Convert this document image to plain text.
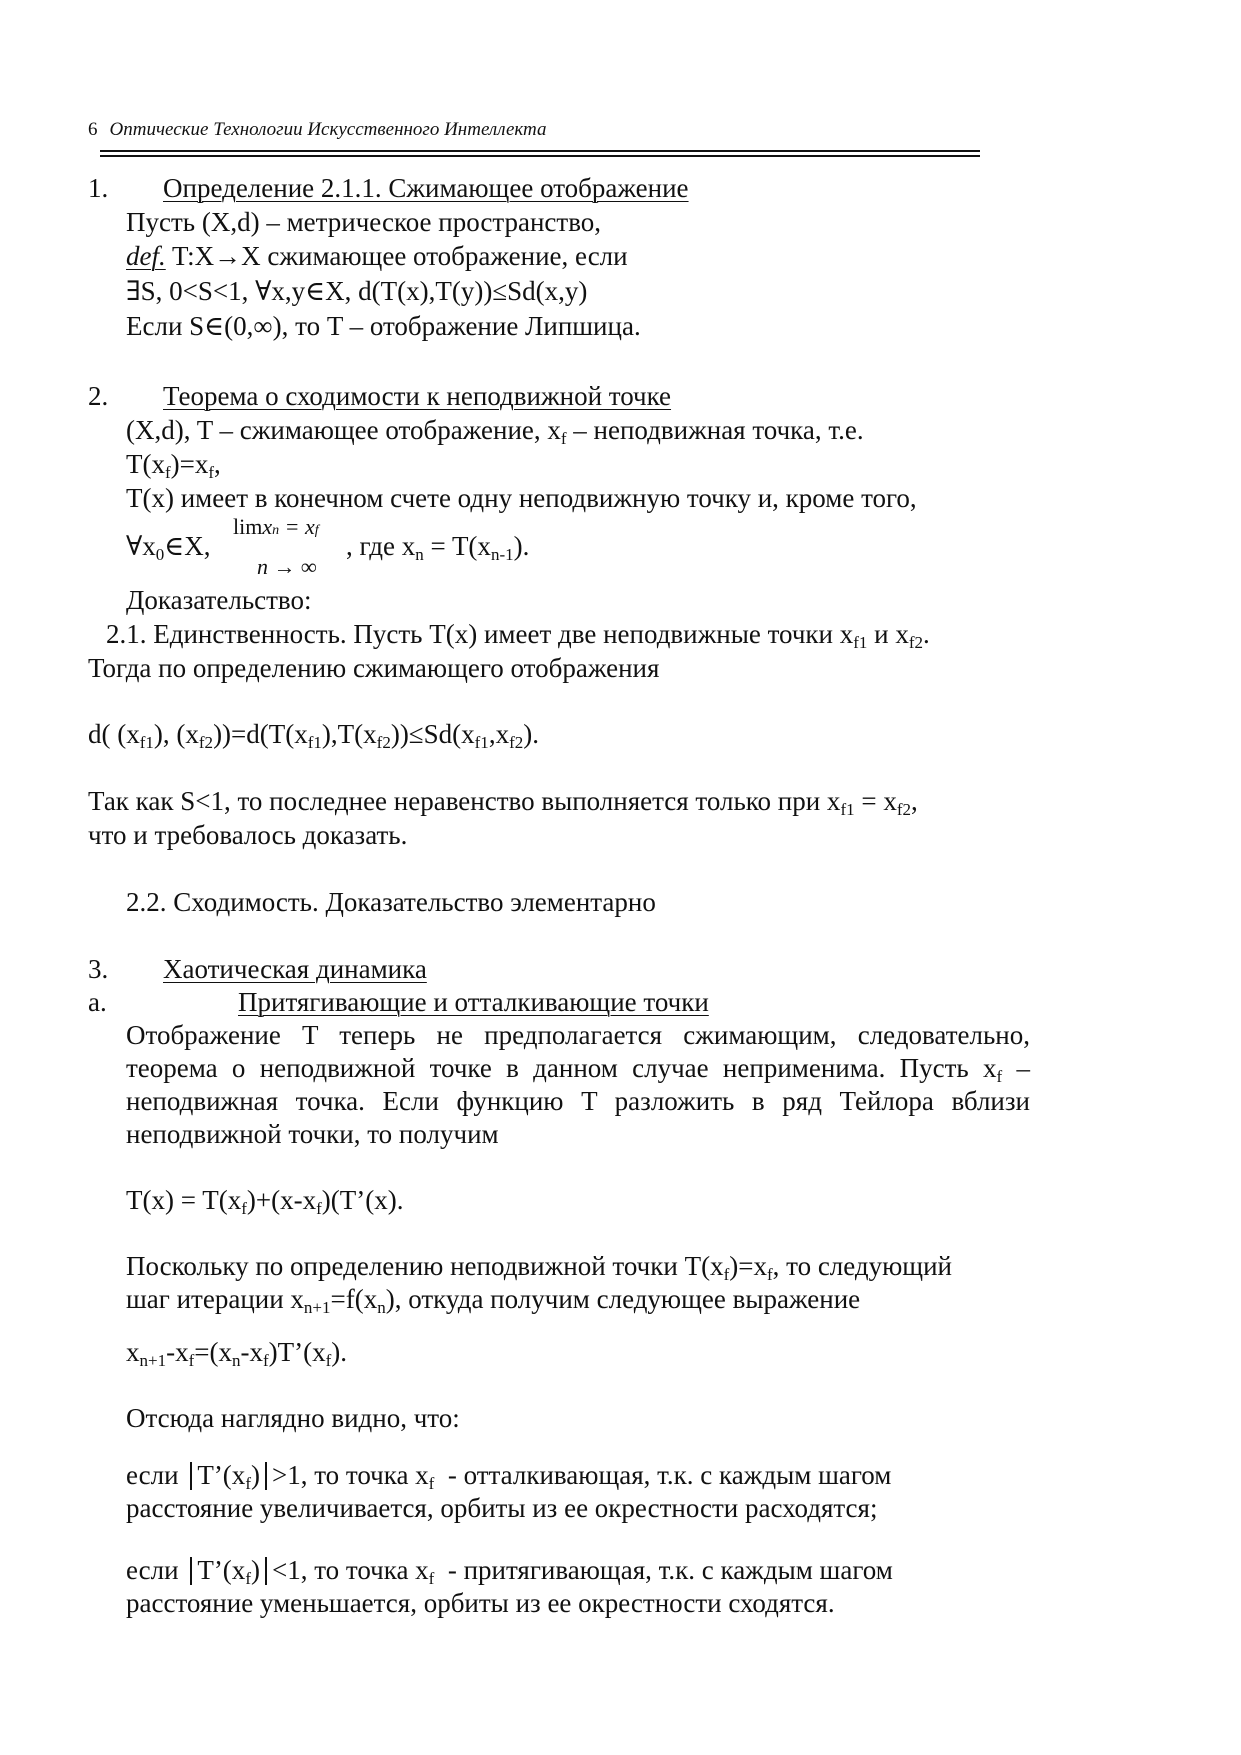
6 Оптические Технологии Искусственного Интеллекта
1. Определение 2.1.1. Сжимающее отображение
Пусть (X,d) – метрическое пространство,
def. T:X→X сжимающее отображение, если
∃S, 0<S<1, ∀x,y∈X, d(T(x),T(y))≤Sd(x,y)
Если S∈(0,∞), то T – отображение Липшица.
2. Теорема о сходимости к неподвижной точке
(X,d), T – сжимающее отображение, $x_f$ – неподвижная точка, т.е.
$T(x_f)=x_f$,
T(x) имеет в конечном счете одну неподвижную точку и, кроме того,
$\forall x_0\in X$,
limxn = xf
n → ∞
, где $x_n = T(x_{n-1})$.
Доказательство:
2.1. Единственность. Пусть T(x) имеет две неподвижные точки $x_{f1}$ и $x_{f2}$.
Тогда по определению сжимающего отображения
d( $(x_{f1})$, $(x_{f2}))=d(T(x_{f1}),T(x_{f2}))\le Sd(x_{f1},x_{f2})$.
Так как S<1, то последнее неравенство выполняется только при $x_{f1} = x_{f2}$,
что и требовалось доказать.
2.2. Сходимость. Доказательство элементарно
3. Хаотическая динамика
a.	Притягивающие и отталкивающие точки
Отображение T теперь не предполагается сжимающим, следовательно,
теорема о неподвижной точке в данном случае неприменима. Пусть $x_f$ –
неподвижная точка. Если функцию T разложить в ряд Тейлора вблизи
неподвижной точки, то получим
$T(x) = T(x_f)+(x-x_f)(T’(x)$.
Поскольку по определению неподвижной точки $T(x_f)=x_f$, то следующий
шаг итерации $x_{n+1}=f(x_n)$, откуда получим следующее выражение
$x_{n+1}-x_f=(x_n-x_f)T’(x_f)$.
Отсюда наглядно видно, что:
если $T’(x_f) >1$, то точка $x_f$  - отталкивающая, т.к. с каждым шагом
расстояние увеличивается, орбиты из ее окрестности расходятся;
если $T’(x_f) <1$, то точка $x_f$  - притягивающая, т.к. с каждым шагом
расстояние уменьшается, орбиты из ее окрестности сходятся.
